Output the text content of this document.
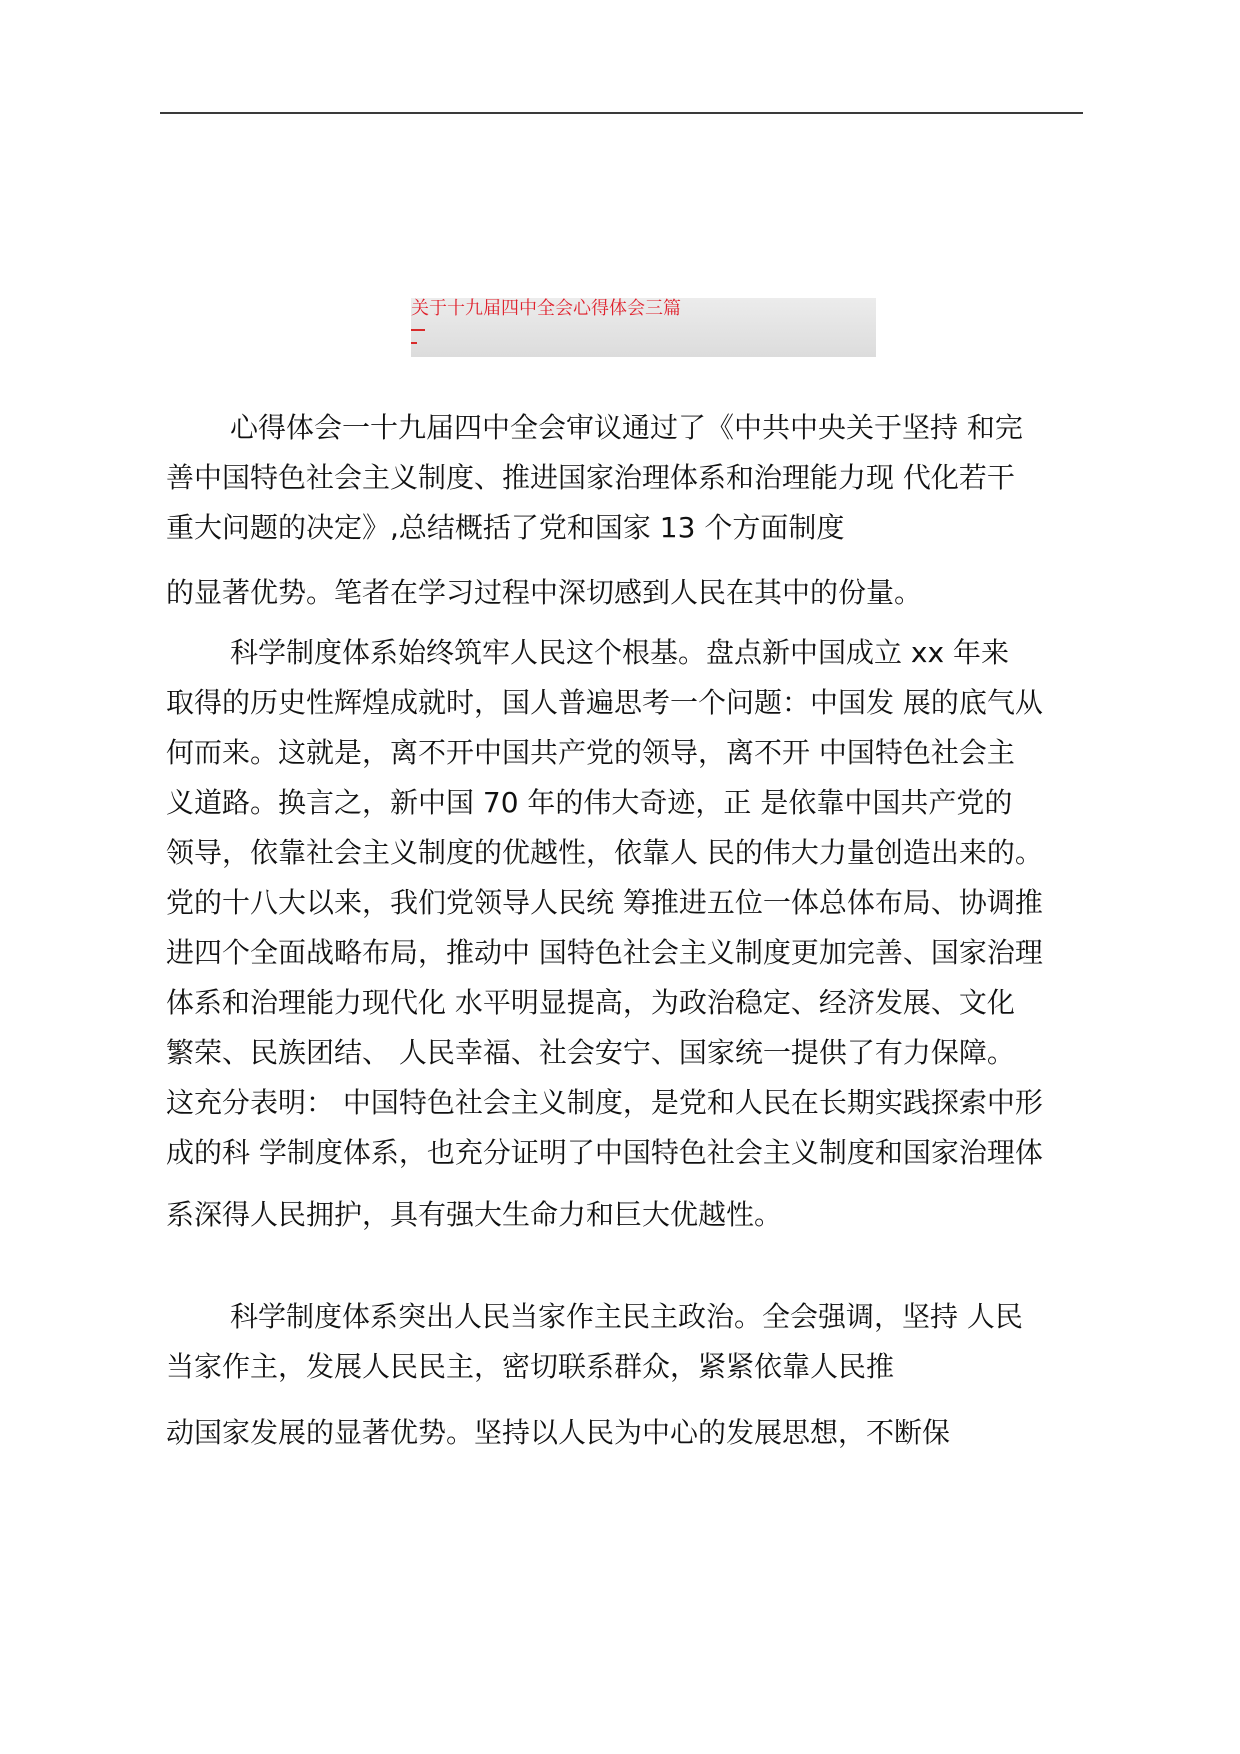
关于十九届四中全会心得体会三篇
心得体会一十九届四中全会审议通过了《中共中央关于坚持 和完
善中国特色社会主义制度、推进国家治理体系和治理能力现 代化若干
重大问题的决定》,总结概括了党和国家 13 个方面制度
的显著优势。笔者在学习过程中深切感到人民在其中的份量。
科学制度体系始终筑牢人民这个根基。盘点新中国成立 xx 年来
取得的历史性辉煌成就时，国人普遍思考一个问题：中国发 展的底气从
何而来。这就是，离不开中国共产党的领导，离不开 中国特色社会主
义道路。换言之，新中国 70 年的伟大奇迹，正 是依靠中国共产党的
领导，依靠社会主义制度的优越性，依靠人 民的伟大力量创造出来的。
党的十八大以来，我们党领导人民统 筹推进五位一体总体布局、协调推
进四个全面战略布局，推动中 国特色社会主义制度更加完善、国家治理
体系和治理能力现代化 水平明显提高，为政治稳定、经济发展、文化
繁荣、民族团结、 人民幸福、社会安宁、国家统一提供了有力保障。
这充分表明： 中国特色社会主义制度，是党和人民在长期实践探索中形
成的科 学制度体系，也充分证明了中国特色社会主义制度和国家治理体
系深得人民拥护，具有强大生命力和巨大优越性。
科学制度体系突出人民当家作主民主政治。全会强调，坚持 人民
当家作主，发展人民民主，密切联系群众，紧紧依靠人民推
动国家发展的显著优势。坚持以人民为中心的发展思想，不断保
